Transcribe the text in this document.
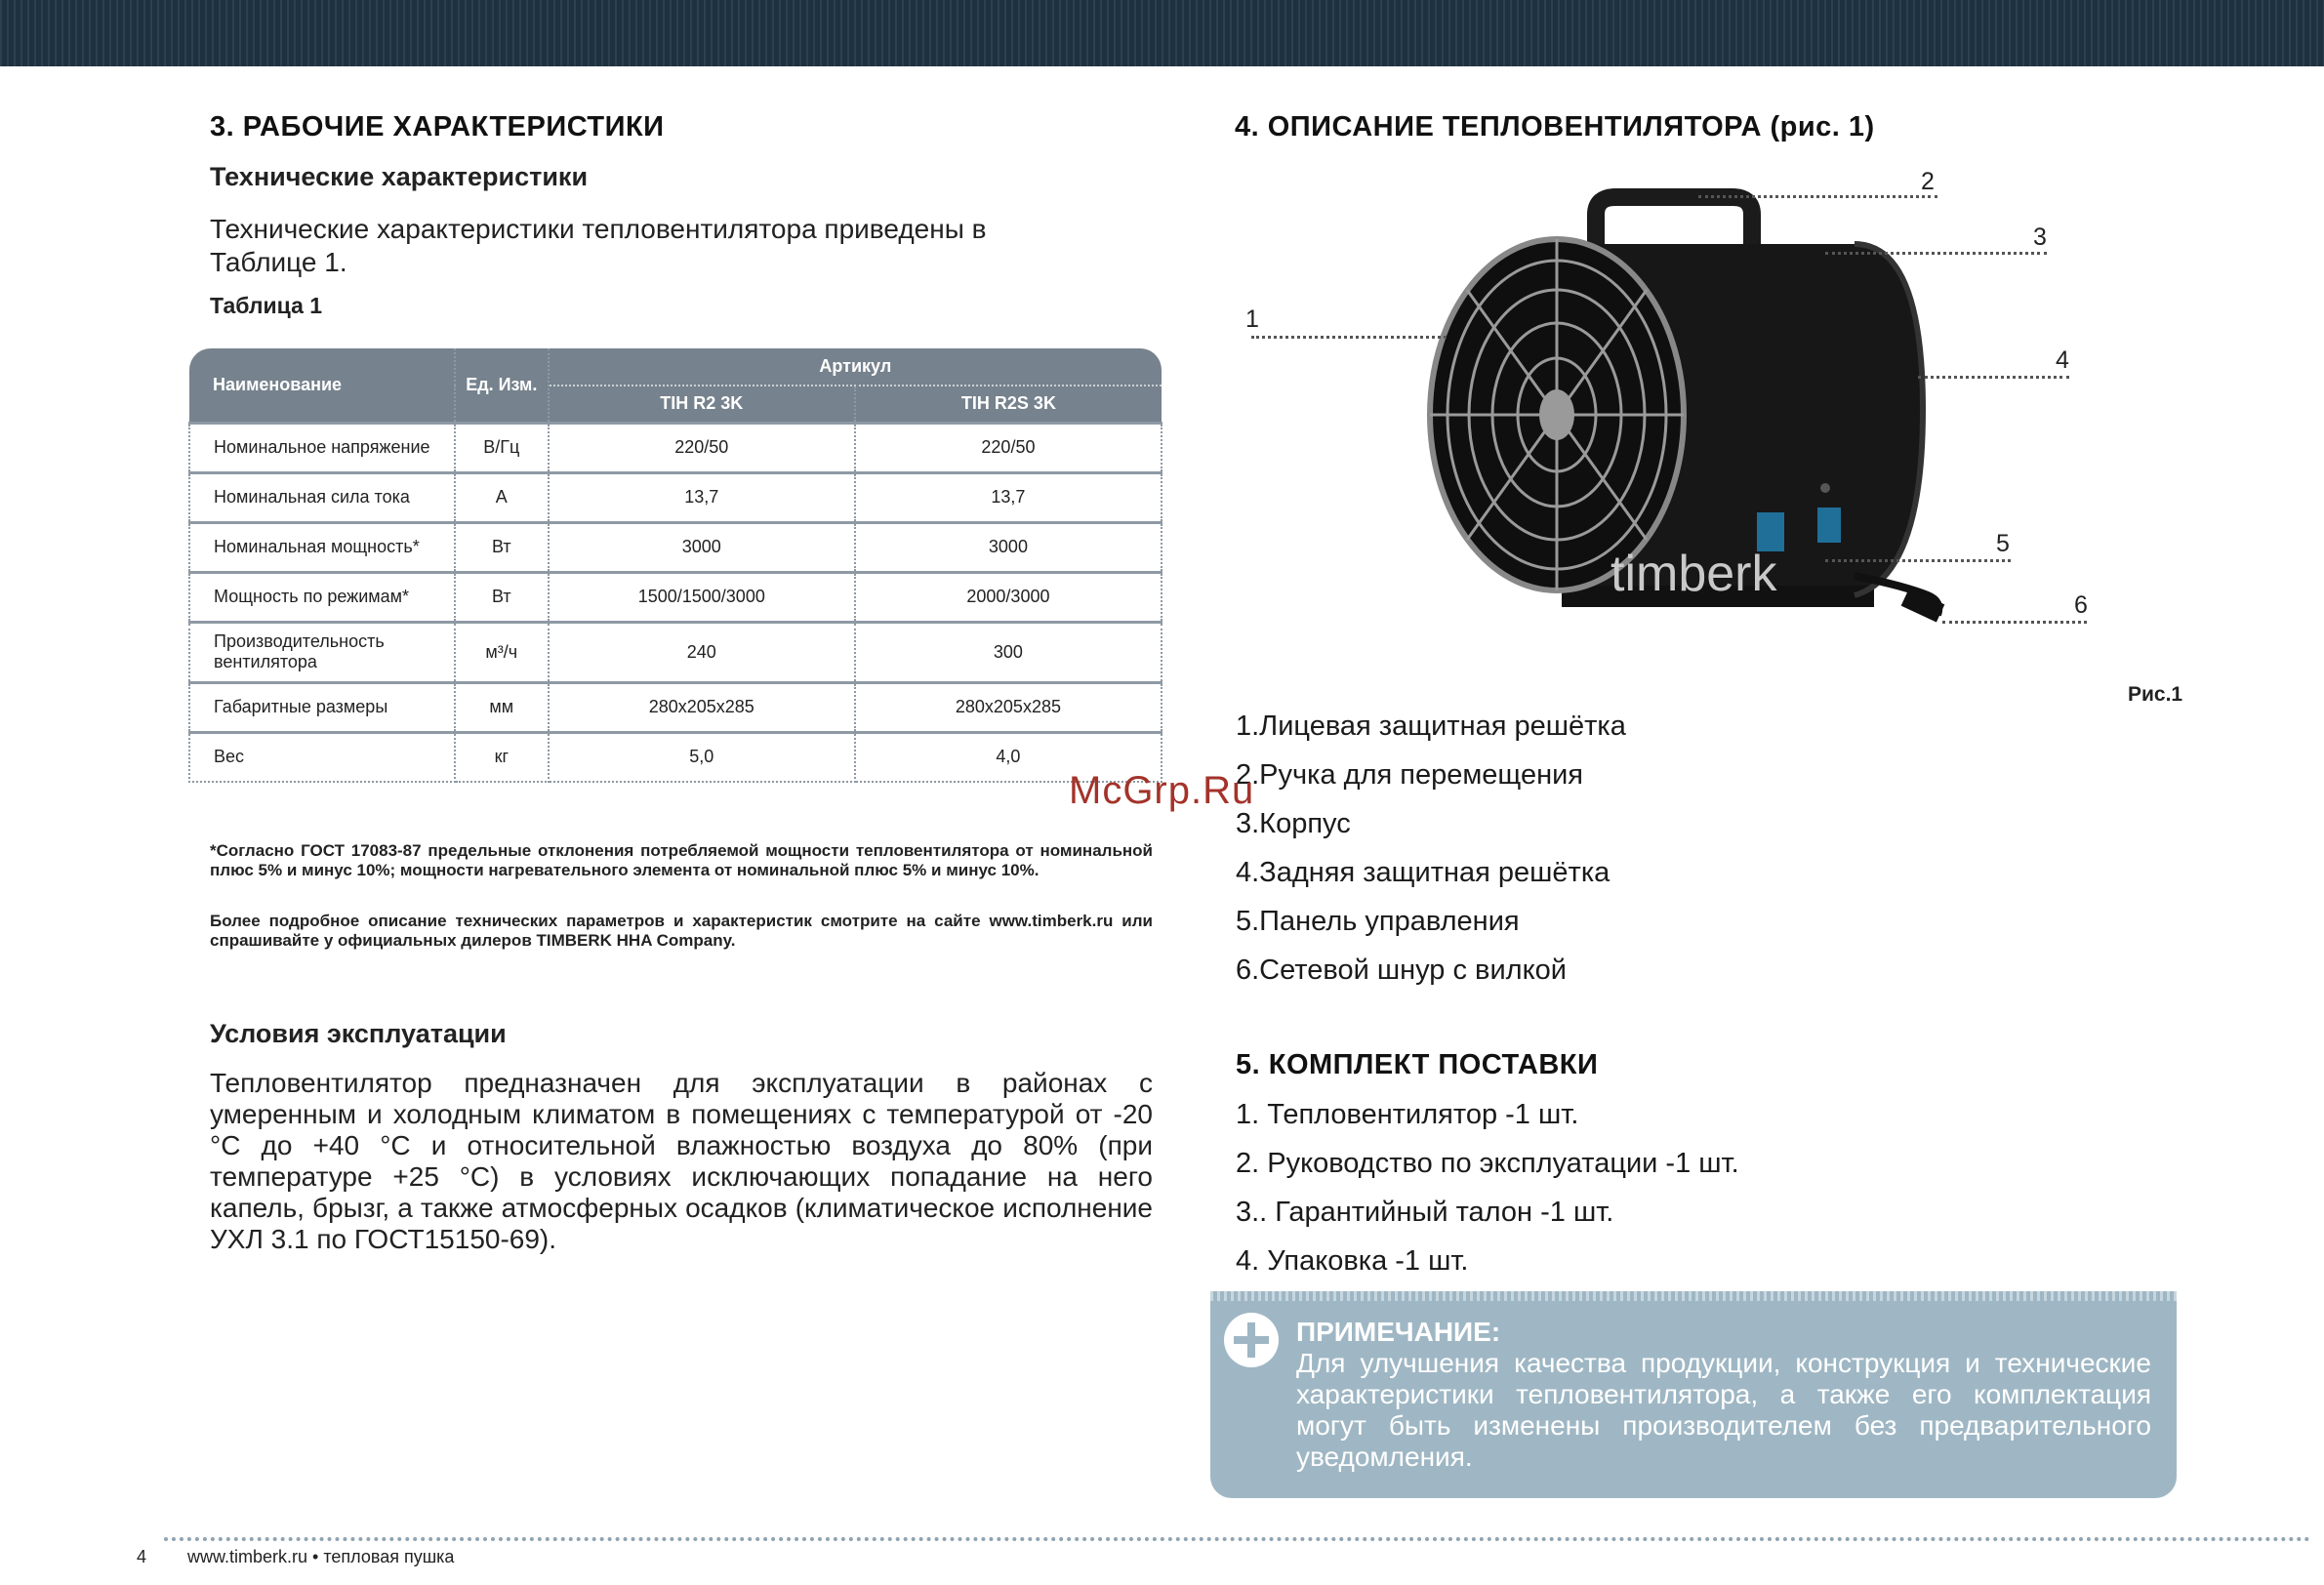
3. РАБОЧИЕ ХАРАКТЕРИСТИКИ
Технические характеристики

Технические характеристики тепловентилятора приведены в

Таблице 1.

Таблица 1
Наименование	Ед. Изм.	Артикул	
		TIH R2 3K	TIH R2S 3K
Номинальное напряжение	В/Гц	220/50	220/50
Номинальная сила тока	А	13,7	13,7
Номинальная мощность*	Вт	3000	3000
Мощность по режимам*	Вт	1500/1500/3000	2000/3000
Производительность вентилятора	м³/ч	240	300
Габаритные размеры	мм	280x205x285	280x205x285
Вес	кг	5,0	4,0

*Согласно ГОСТ 17083-87 предельные отклонения потребляемой мощности тепловентилятора от номинальной плюс 5% и минус 10%; мощности нагревательного элемента от номинальной плюс 5% и минус 10%.

Более подробное описание технических параметров и характеристик смотрите на сайте www.timberk.ru или спрашивайте у официальных дилеров TIMBERK HHA Company.

Условия эксплуатации

Тепловентилятор предназначен для эксплуатации в районах с умеренным и холодным климатом в помещениях с температурой от -20 °С до +40 °С и относительной влажностью воздуха до 80% (при температуре +25 °С) в условиях исключающих попадание на него капель, брызг, а также атмосферных осадков (климатическое исполнение УХЛ 3.1 по ГОСТ15150-69).

4. ОПИСАНИЕ ТЕПЛОВЕНТИЛЯТОРА (рис. 1)
timberk
1
2
3
4
5
6
Рис.1
1.Лицевая защитная решётка
2.Ручка для перемещения
3.Корпус
4.Задняя защитная решётка
5.Панель управления
6.Сетевой шнур с вилкой
McGrp.Ru
5. КОМПЛЕКТ ПОСТАВКИ
1. Тепловентилятор -1 шт.
2. Руководство по эксплуатации -1 шт.
3.. Гарантийный талон -1 шт.
4. Упаковка -1 шт.
ПРИМЕЧАНИЕ:
Для улучшения качества продукции, конструкция и технические характеристики тепловентилятора, а также его комплектация могут быть изменены производителем без предварительного уведомления.
4 www.timberk.ru • тепловая пушка
